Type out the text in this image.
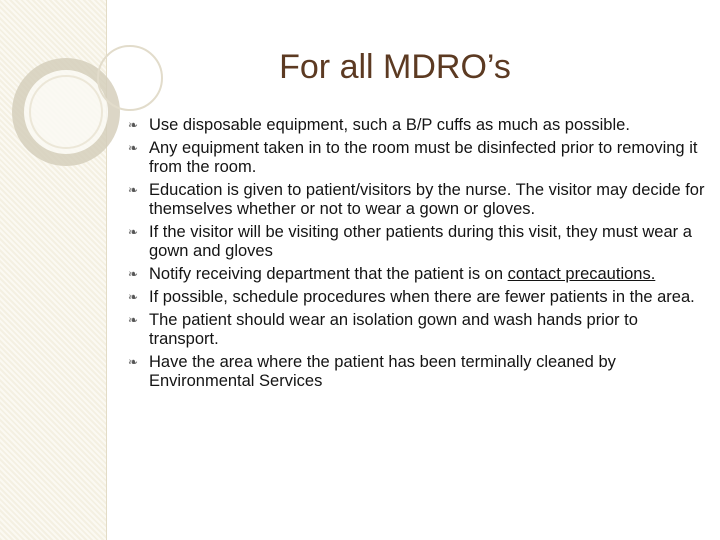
For all MDRO’s
❧ Use disposable equipment, such a B/P cuffs as much as possible.
❧ Any equipment taken in to the room must be disinfected prior to removing it from the room.
❧ Education is given to patient/visitors by the nurse. The visitor may decide for themselves whether or not to wear a gown or gloves.
❧ If the visitor will be visiting other patients during this visit, they must wear a gown and gloves
❧ Notify receiving department that the patient is on contact precautions.
❧ If possible, schedule procedures when there are fewer patients in the area.
❧ The patient should wear an isolation gown and wash hands prior to transport.
❧ Have the area where the patient has been terminally cleaned by Environmental Services
